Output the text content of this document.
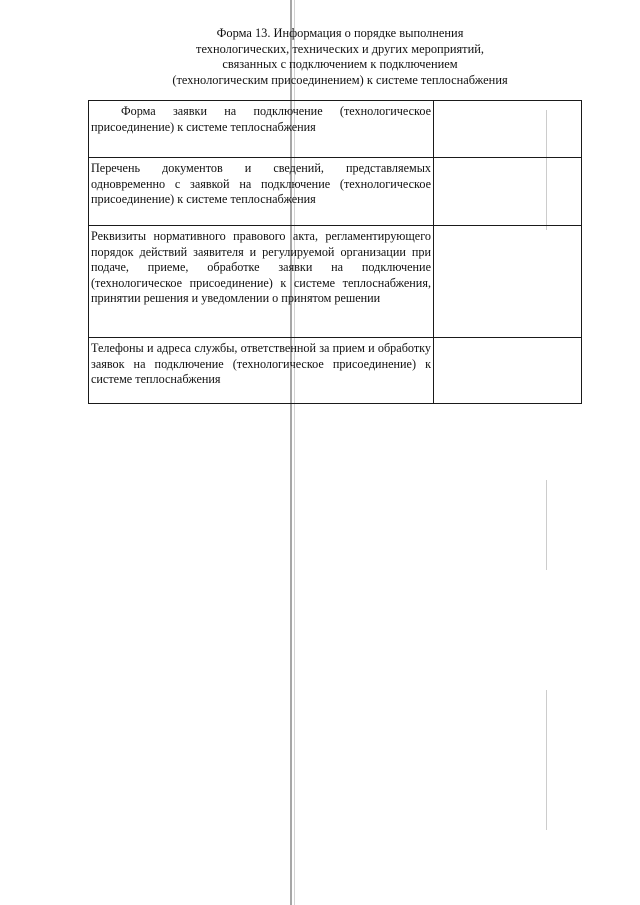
Форма 13. Информация о порядке выполнения
технологических, технических и других мероприятий,
связанных с подключением к подключением
(технологическим присоединением) к системе теплоснабжения
Форма заявки на подключение (технологическое присоединение) к системе теплоснабжения	
Перечень документов и сведений, представляемых одновременно с заявкой на подключение (технологическое присоединение) к системе теплоснабжения	
Реквизиты нормативного правового акта, регламентирующего порядок действий заявителя и регулируемой организации при подаче, приеме, обработке заявки на подключение (технологическое присоединение) к системе теплоснабжения, принятии решения и уведомлении о принятом решении	
Телефоны и адреса службы, ответственной за прием и обработку заявок на подключение (технологическое присоединение) к системе теплоснабжения	
